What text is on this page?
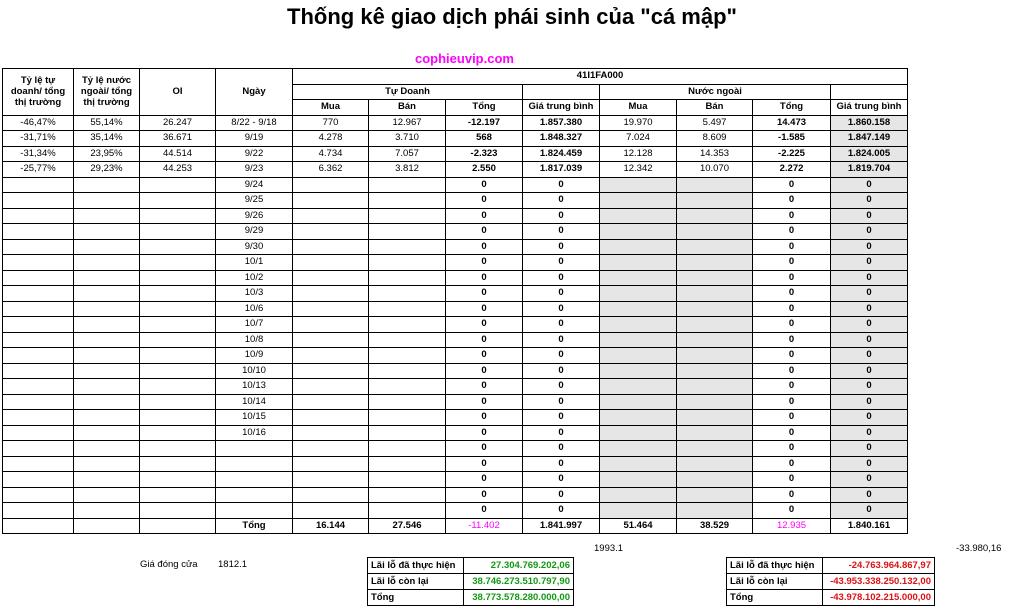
Thống kê giao dịch phái sinh của "cá mập"
cophieuvip.com
Tỷ lệ tự doanh/ tổng thị trường	Tỷ lệ nước ngoài/ tổng thị trường	OI	Ngày	41I1FA000							
				Tự Doanh				Nước ngoài			
				Mua	Bán	Tổng	Giá trung bình	Mua	Bán	Tổng	Giá trung bình
-46,47%	55,14%	26.247	8/22 - 9/18	770	12.967	-12.197	1.857.380	19.970	5.497	14.473	1.860.158
-31,71%	35,14%	36.671	9/19	4.278	3.710	568	1.848.327	7.024	8.609	-1.585	1.847.149
-31,34%	23,95%	44.514	9/22	4.734	7.057	-2.323	1.824.459	12.128	14.353	-2.225	1.824.005
-25,77%	29,23%	44.253	9/23	6.362	3.812	2.550	1.817.039	12.342	10.070	2.272	1.819.704
			9/24			0	0			0	0
			9/25			0	0			0	0
			9/26			0	0			0	0
			9/29			0	0			0	0
			9/30			0	0			0	0
			10/1			0	0			0	0
			10/2			0	0			0	0
			10/3			0	0			0	0
			10/6			0	0			0	0
			10/7			0	0			0	0
			10/8			0	0			0	0
			10/9			0	0			0	0
			10/10			0	0			0	0
			10/13			0	0			0	0
			10/14			0	0			0	0
			10/15			0	0			0	0
			10/16			0	0			0	0
						0	0			0	0
						0	0			0	0
						0	0			0	0
						0	0			0	0
						0	0			0	0
			Tổng	16.144	27.546	-11.402	1.841.997	51.464	38.529	12.935	1.840.161
1993.1	-33.980,16
Giá đóng cửa 1812.1	Lãi lỗ đã thực hiện	27.304.769.202,06
Lãi lỗ còn lại	38.746.273.510.797,90
Tổng	38.773.578.280.000,00
Lãi lỗ đã thực hiện	-24.763.964.867,97
Lãi lỗ còn lại	-43.953.338.250.132,00
Tổng	-43.978.102.215.000,00
